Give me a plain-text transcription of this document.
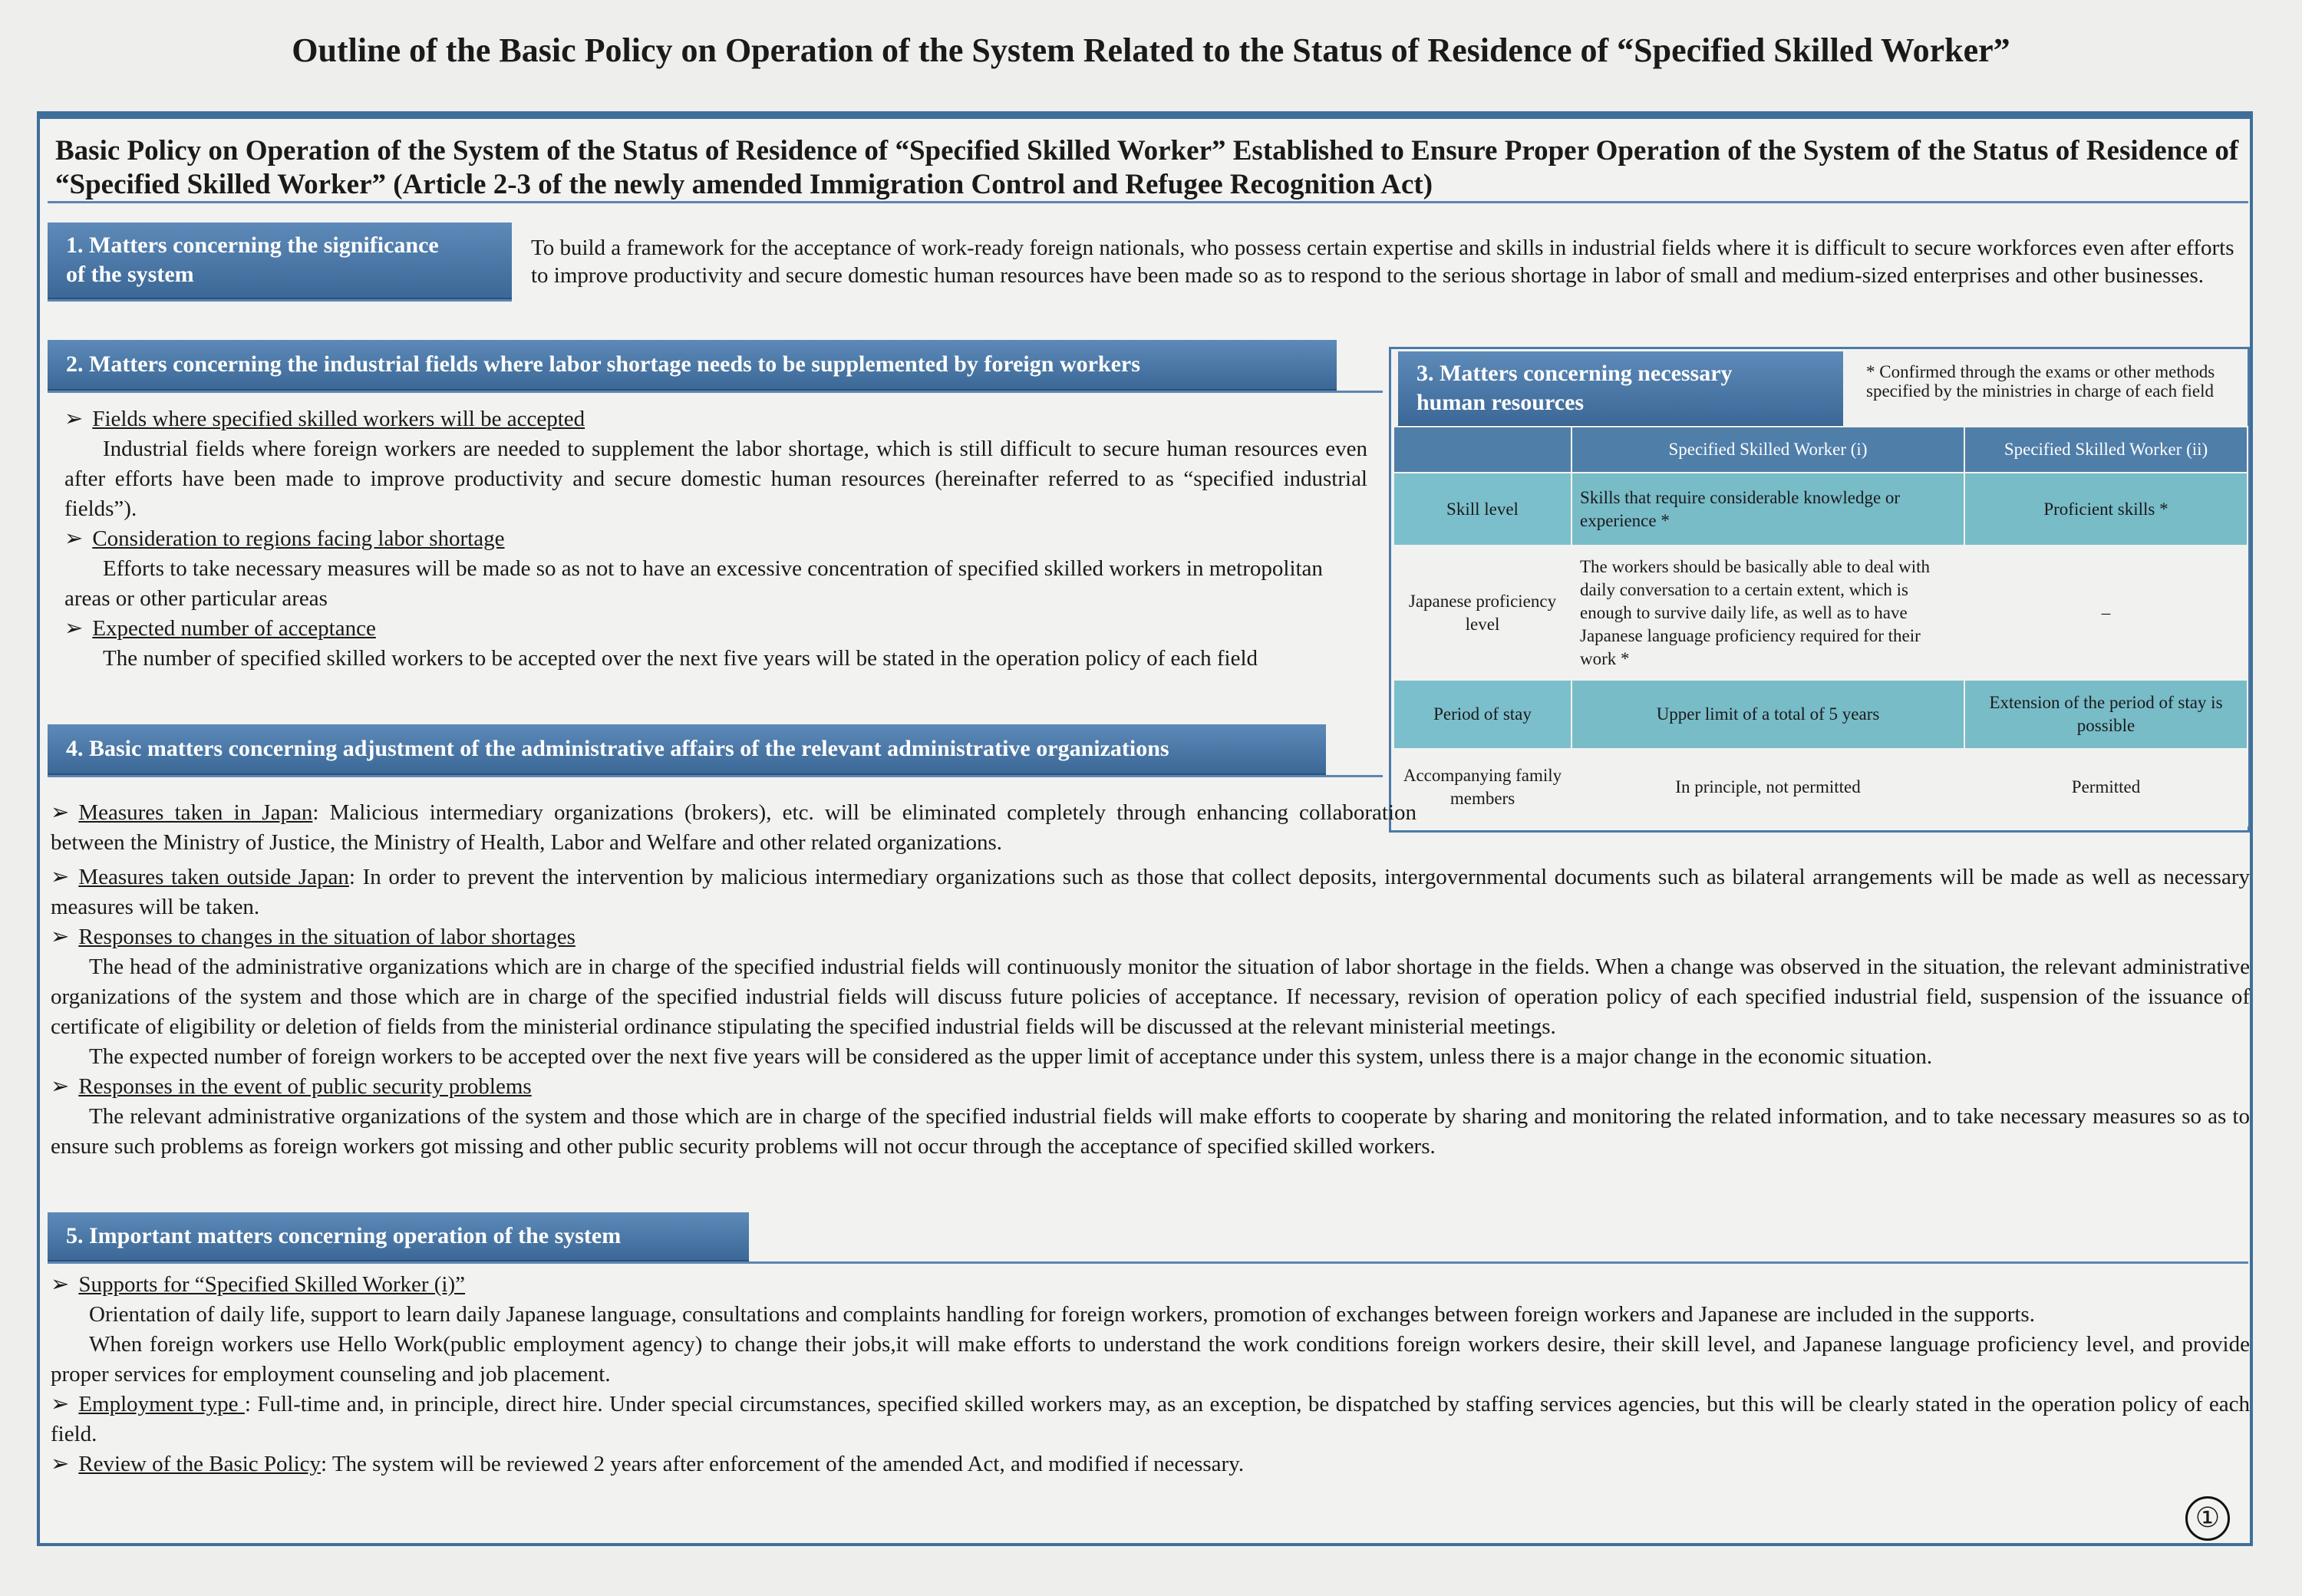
Outline of the Basic Policy on Operation of the System Related to the Status of Residence of “Specified Skilled Worker”
Basic Policy on Operation of the System of the Status of Residence of “Specified Skilled Worker” Established to Ensure Proper Operation of the System of the Status of Residence of “Specified Skilled Worker” (Article 2-3 of the newly amended Immigration Control and Refugee Recognition Act)
1. Matters concerning the significance
of the system
To build a framework for the acceptance of work-ready foreign nationals, who possess certain expertise and skills in industrial fields where it is difficult to secure workforces even after efforts to improve productivity and secure domestic human resources have been made so as to respond to the serious shortage in labor of small and medium-sized enterprises and other businesses.
2. Matters concerning the industrial fields where labor shortage needs to be supplemented by foreign workers

➢ Fields where specified skilled workers will be accepted

Industrial fields where foreign workers are needed to supplement the labor shortage, which is still difficult to secure human resources even after efforts have been made to improve productivity and secure domestic human resources (hereinafter referred to as “specified industrial fields”).

➢ Consideration to regions facing labor shortage

Efforts to take necessary measures will be made so as not to have an excessive concentration of specified skilled workers in metropolitan areas or other particular areas

➢ Expected number of acceptance

The number of specified skilled workers to be accepted over the next five years will be stated in the operation policy of each field

3. Matters concerning necessary
human resources
* Confirmed through the exams or other methods specified by the ministries in charge of each field
	Specified Skilled Worker (i)	Specified Skilled Worker (ii)
Skill level	Skills that require considerable knowledge or experience *	Proficient skills *
Japanese proficiency level	The workers should be basically able to deal with daily conversation to a certain extent, which is enough to survive daily life, as well as to have Japanese language proficiency required for their work *	–
Period of stay	Upper limit of a total of 5 years	Extension of the period of stay is possible
Accompanying family members	In principle, not permitted	Permitted
4. Basic matters concerning adjustment of the administrative affairs of the relevant administrative organizations

➢ Measures taken in Japan: Malicious intermediary organizations (brokers), etc. will be eliminated completely through enhancing collaboration between the Ministry of Justice, the Ministry of Health, Labor and Welfare and other related organizations.

➢ Measures taken outside Japan: In order to prevent the intervention by malicious intermediary organizations such as those that collect deposits, intergovernmental documents such as bilateral arrangements will be made as well as necessary measures will be taken.

➢ Responses to changes in the situation of labor shortages

The head of the administrative organizations which are in charge of the specified industrial fields will continuously monitor the situation of labor shortage in the fields. When a change was observed in the situation, the relevant administrative organizations of the system and those which are in charge of the specified industrial fields will discuss future policies of acceptance. If necessary, revision of operation policy of each specified industrial field, suspension of the issuance of certificate of eligibility or deletion of fields from the ministerial ordinance stipulating the specified industrial fields will be discussed at the relevant ministerial meetings.

The expected number of foreign workers to be accepted over the next five years will be considered as the upper limit of acceptance under this system, unless there is a major change in the economic situation.

➢ Responses in the event of public security problems

The relevant administrative organizations of the system and those which are in charge of the specified industrial fields will make efforts to cooperate by sharing and monitoring the related information, and to take necessary measures so as to ensure such problems as foreign workers got missing and other public security problems will not occur through the acceptance of specified skilled workers.

5. Important matters concerning operation of the system

➢ Supports for “Specified Skilled Worker (i)”

Orientation of daily life, support to learn daily Japanese language, consultations and complaints handling for foreign workers, promotion of exchanges between foreign workers and Japanese are included in the supports.

When foreign workers use Hello Work(public employment agency) to change their jobs,it will make efforts to understand the work conditions foreign workers desire, their skill level, and Japanese language proficiency level, and provide proper services for employment counseling and job placement.

➢ Employment type : Full-time and, in principle, direct hire. Under special circumstances, specified skilled workers may, as an exception, be dispatched by staffing services agencies, but this will be clearly stated in the operation policy of each field.

➢ Review of the Basic Policy: The system will be reviewed 2 years after enforcement of the amended Act, and modified if necessary.

①
